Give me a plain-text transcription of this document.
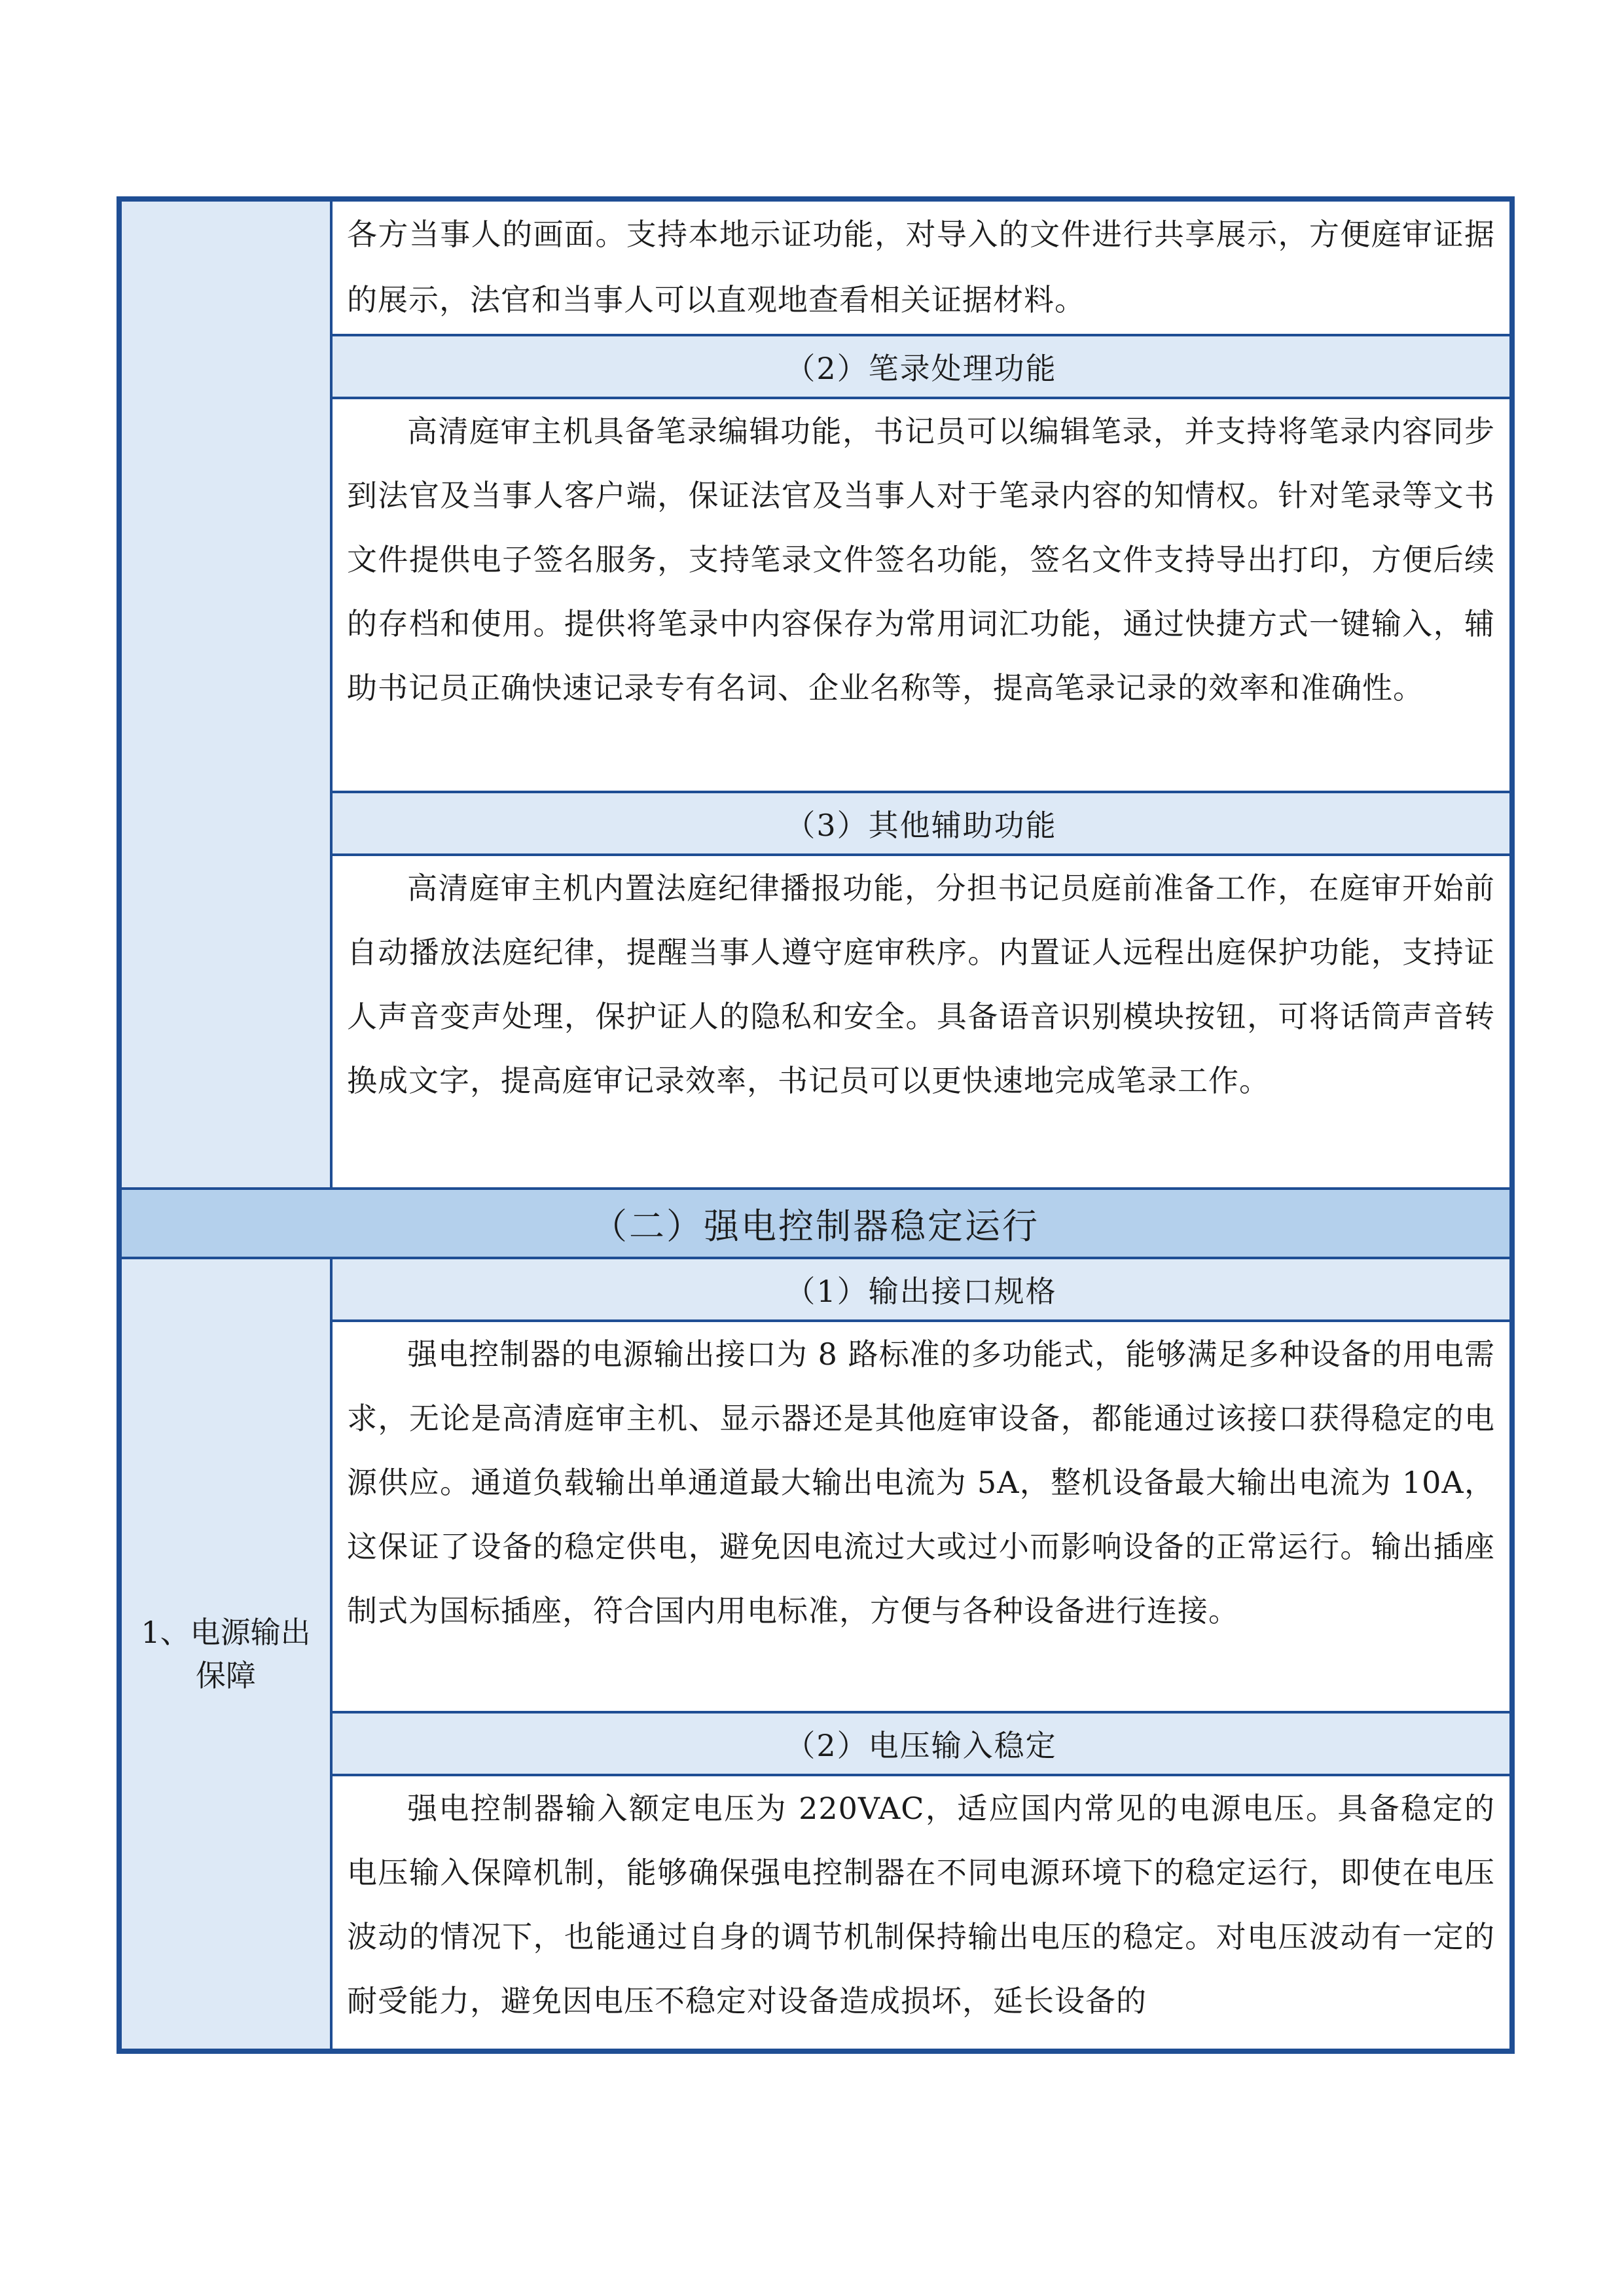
各方当事人的画面。支持本地示证功能，对导入的文件进行共享展示，方便庭审证据的展示，法官和当事人可以直观地查看相关证据材料。
（2）笔录处理功能
高清庭审主机具备笔录编辑功能，书记员可以编辑笔录，并支持将笔录内容同步到法官及当事人客户端，保证法官及当事人对于笔录内容的知情权。针对笔录等文书文件提供电子签名服务，支持笔录文件签名功能，签名文件支持导出打印，方便后续的存档和使用。提供将笔录中内容保存为常用词汇功能，通过快捷方式一键输入，辅助书记员正确快速记录专有名词、企业名称等，提高笔录记录的效率和准确性。
（3）其他辅助功能
高清庭审主机内置法庭纪律播报功能，分担书记员庭前准备工作，在庭审开始前自动播放法庭纪律，提醒当事人遵守庭审秩序。内置证人远程出庭保护功能，支持证人声音变声处理，保护证人的隐私和安全。具备语音识别模块按钮，可将话筒声音转换成文字，提高庭审记录效率，书记员可以更快速地完成笔录工作。
（二）强电控制器稳定运行
1、电源输出保障
（1）输出接口规格
强电控制器的电源输出接口为 8 路标准的多功能式，能够满足多种设备的用电需求，无论是高清庭审主机、显示器还是其他庭审设备，都能通过该接口获得稳定的电源供应。通道负载输出单通道最大输出电流为 5A，整机设备最大输出电流为 10A，这保证了设备的稳定供电，避免因电流过大或过小而影响设备的正常运行。输出插座制式为国标插座，符合国内用电标准，方便与各种设备进行连接。
（2）电压输入稳定
强电控制器输入额定电压为 220VAC，适应国内常见的电源电压。具备稳定的电压输入保障机制，能够确保强电控制器在不同电源环境下的稳定运行，即使在电压波动的情况下，也能通过自身的调节机制保持输出电压的稳定。对电压波动有一定的耐受能力，避免因电压不稳定对设备造成损坏，延长设备的
